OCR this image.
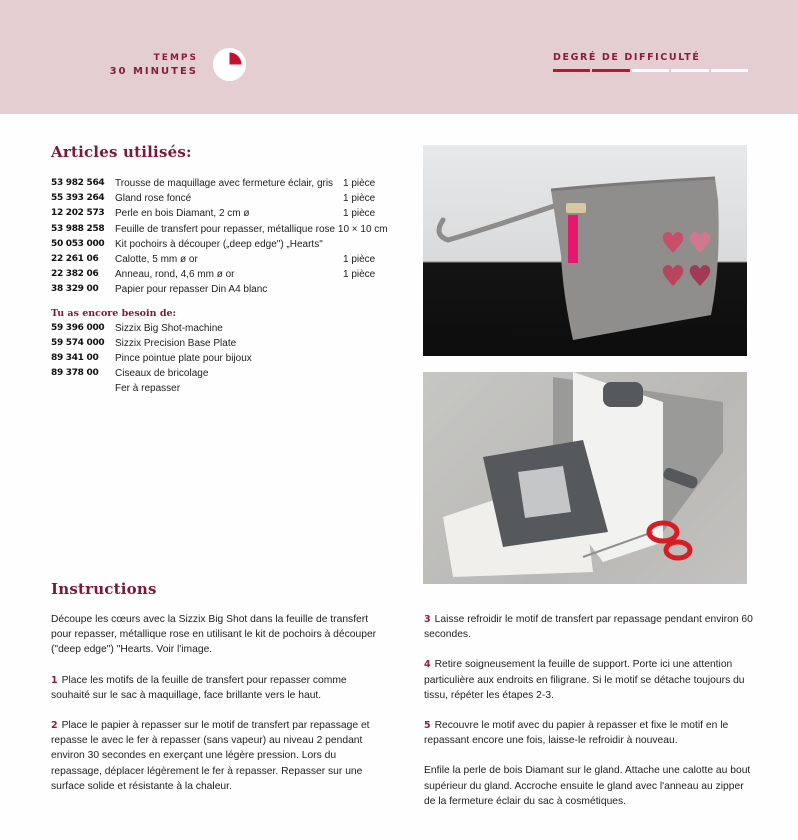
TEMPS
30 MINUTES
DEGRÉ DE DIFFICULTÉ
Articles utilisés:
53 982 564	Trousse de maquillage avec fermeture éclair, gris 1 pièce
55 393 264	Gland rose foncé	1 pièce
12 202 573	Perle en bois Diamant, 2 cm ø	1 pièce
53 988 258	Feuille de transfert pour repasser, métallique rose 10 × 10 cm
50 053 000	Kit pochoirs à découper („deep edge") „Hearts"
22 261 06	Calotte, 5 mm ø or	1 pièce
22 382 06	Anneau, rond, 4,6 mm ø or	1 pièce
38 329 00	Papier pour repasser Din A4 blanc
Tu as encore besoin de:
59 396 000	Sizzix Big Shot-machine
59 574 000	Sizzix Precision Base Plate
89 341 00	Pince pointue plate pour bijoux
89 378 00	Ciseaux de bricolage
Fer à repasser
Instructions

Découpe les cœurs avec la Sizzix Big Shot dans la feuille de transfert pour repasser, métallique rose en utilisant le kit de pochoirs à découper ("deep edge") "Hearts. Voir l'image.

1 Place les motifs de la feuille de transfert pour repasser comme souhaité sur le sac à maquillage, face brillante vers le haut.

2 Place le papier à repasser sur le motif de transfert par repassage et repasse le avec le fer à repasser (sans vapeur) au niveau 2 pendant environ 30 secondes en exerçant une légère pression. Lors du repassage, déplacer légèrement le fer à repasser. Repasser sur une surface solide et résistante à la chaleur.

3 Laisse refroidir le motif de transfert par repassage pendant environ 60 secondes.

4 Retire soigneusement la feuille de support. Porte ici une attention particulière aux endroits en filigrane. Si le motif se détache toujours du tissu, répéter les étapes 2-3.

5 Recouvre le motif avec du papier à repasser et fixe le motif en le repassant encore une fois, laisse-le refroidir à nouveau.

Enfile la perle de bois Diamant sur le gland. Attache une calotte au bout supérieur du gland. Accroche ensuite le gland avec l'anneau au zipper de la fermeture éclair du sac à cosmétiques.
